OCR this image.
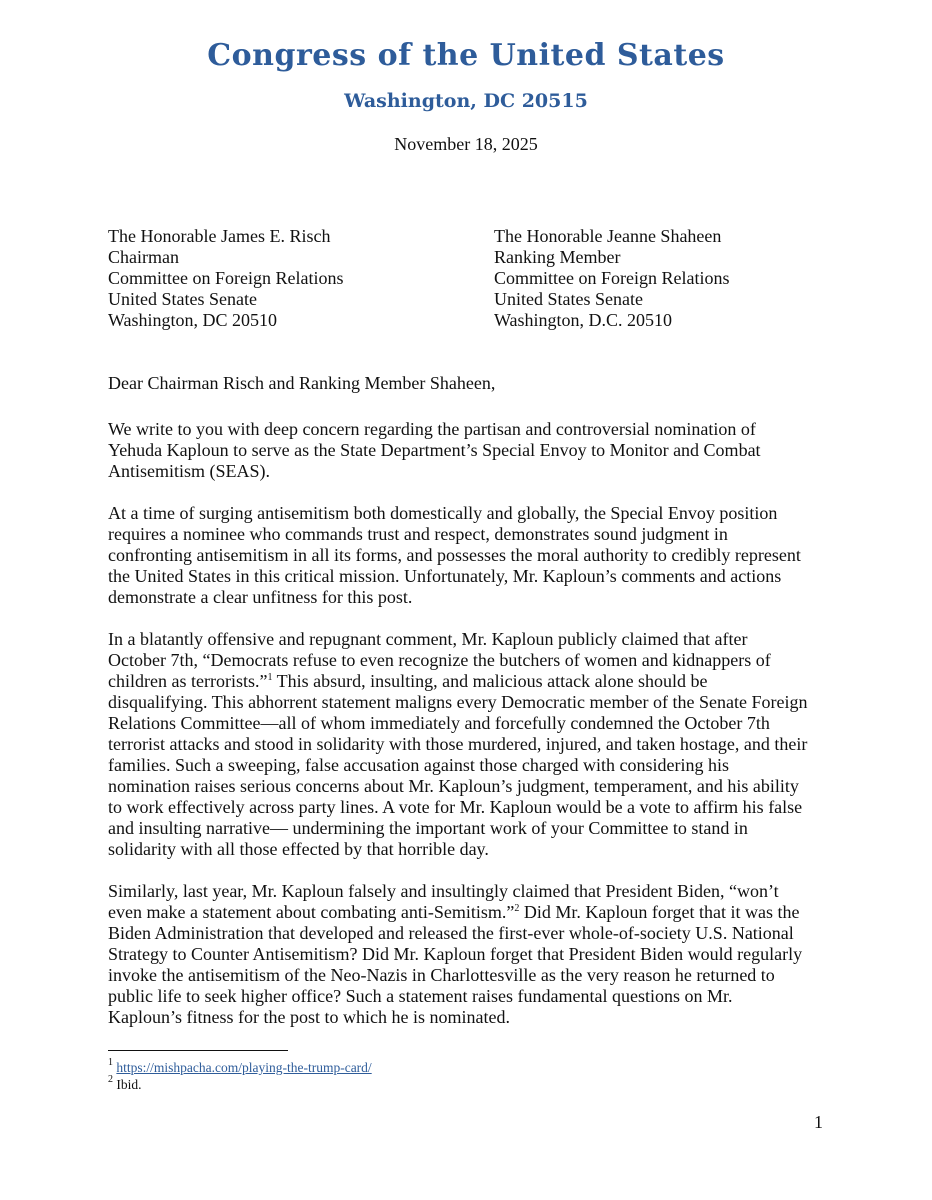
Congress of the United States
Washington, DC 20515
November 18, 2025
The Honorable James E. Risch
Chairman
Committee on Foreign Relations
United States Senate
Washington, DC 20510
The Honorable Jeanne Shaheen
Ranking Member
Committee on Foreign Relations
United States Senate
Washington, D.C. 20510
Dear Chairman Risch and Ranking Member Shaheen,
We write to you with deep concern regarding the partisan and controversial nomination of
Yehuda Kaploun to serve as the State Department’s Special Envoy to Monitor and Combat
Antisemitism (SEAS).
At a time of surging antisemitism both domestically and globally, the Special Envoy position
requires a nominee who commands trust and respect, demonstrates sound judgment in
confronting antisemitism in all its forms, and possesses the moral authority to credibly represent
the United States in this critical mission. Unfortunately, Mr. Kaploun’s comments and actions
demonstrate a clear unfitness for this post.
In a blatantly offensive and repugnant comment, Mr. Kaploun publicly claimed that after
October 7th, “Democrats refuse to even recognize the butchers of women and kidnappers of
children as terrorists.”$^1$ This absurd, insulting, and malicious attack alone should be
disqualifying. This abhorrent statement maligns every Democratic member of the Senate Foreign
Relations Committee—all of whom immediately and forcefully condemned the October 7th
terrorist attacks and stood in solidarity with those murdered, injured, and taken hostage, and their
families. Such a sweeping, false accusation against those charged with considering his
nomination raises serious concerns about Mr. Kaploun’s judgment, temperament, and his ability
to work effectively across party lines. A vote for Mr. Kaploun would be a vote to affirm his false
and insulting narrative— undermining the important work of your Committee to stand in
solidarity with all those effected by that horrible day.
Similarly, last year, Mr. Kaploun falsely and insultingly claimed that President Biden, “won’t
even make a statement about combating anti-Semitism.”$^2$ Did Mr. Kaploun forget that it was the
Biden Administration that developed and released the first-ever whole-of-society U.S. National
Strategy to Counter Antisemitism? Did Mr. Kaploun forget that President Biden would regularly
invoke the antisemitism of the Neo-Nazis in Charlottesville as the very reason he returned to
public life to seek higher office? Such a statement raises fundamental questions on Mr.
Kaploun’s fitness for the post to which he is nominated.
$^1$ https://mishpacha.com/playing-the-trump-card/
$^2$ Ibid.
1
